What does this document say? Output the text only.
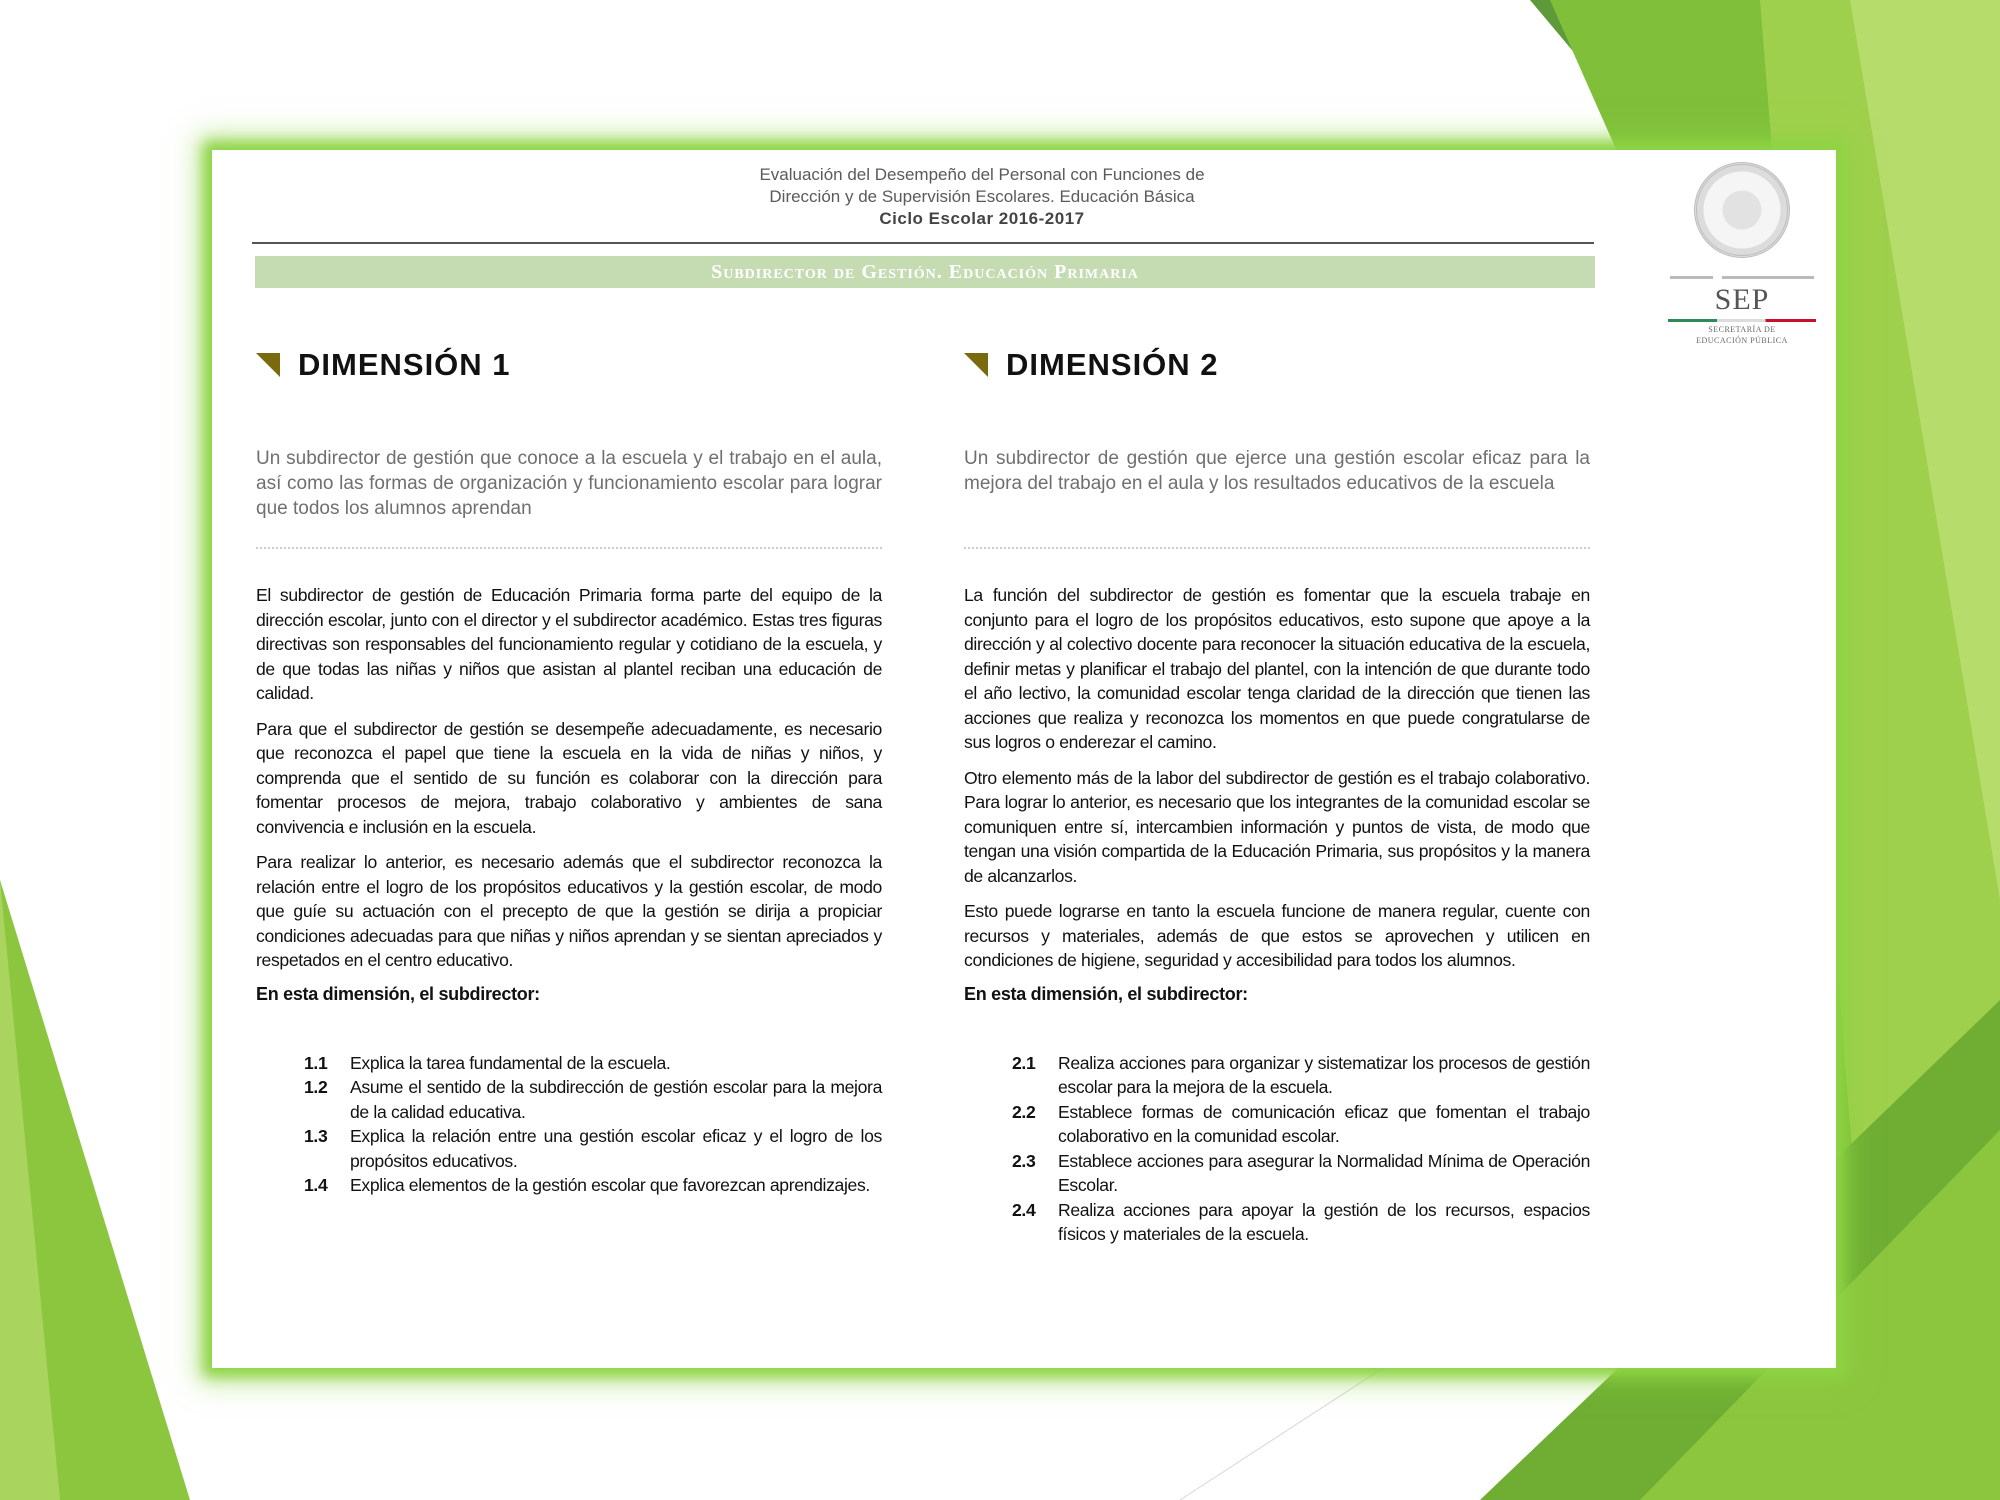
Evaluación del Desempeño del Personal con Funciones de
Dirección y de Supervisión Escolares. Educación Básica
Ciclo Escolar 2016-2017
Subdirector de Gestión. Educación Primaria
SEP
SECRETARÍA DE
EDUCACIÓN PÚBLICA
DIMENSIÓN 1
Un subdirector de gestión que conoce a la escuela y el trabajo en el aula, así como las formas de organización y funcionamiento escolar para lograr que todos los alumnos aprendan

El subdirector de gestión de Educación Primaria forma parte del equipo de la dirección escolar, junto con el director y el subdirector académico. Estas tres figuras directivas son responsables del funcionamiento regular y cotidiano de la escuela, y de que todas las niñas y niños que asistan al plantel reciban una educación de calidad.

Para que el subdirector de gestión se desempeñe adecuadamente, es necesario que reconozca el papel que tiene la escuela en la vida de niñas y niños, y comprenda que el sentido de su función es colaborar con la dirección para fomentar procesos de mejora, trabajo colaborativo y ambientes de sana convivencia e inclusión en la escuela.

Para realizar lo anterior, es necesario además que el subdirector reconozca la relación entre el logro de los propósitos educativos y la gestión escolar, de modo que guíe su actuación con el precepto de que la gestión se dirija a propiciar condiciones adecuadas para que niñas y niños aprendan y se sientan apreciados y respetados en el centro educativo.

En esta dimensión, el subdirector:

1.1	Explica la tarea fundamental de la escuela.
1.2	Asume el sentido de la subdirección de gestión escolar para la mejora de la calidad educativa.
1.3	Explica la relación entre una gestión escolar eficaz y el logro de los propósitos educativos.
1.4	Explica elementos de la gestión escolar que favorezcan aprendizajes.
DIMENSIÓN 2
Un subdirector de gestión que ejerce una gestión escolar eficaz para la mejora del trabajo en el aula y los resultados educativos de la escuela

La función del subdirector de gestión es fomentar que la escuela trabaje en conjunto para el logro de los propósitos educativos, esto supone que apoye a la dirección y al colectivo docente para reconocer la situación educativa de la escuela, definir metas y planificar el trabajo del plantel, con la intención de que durante todo el año lectivo, la comunidad escolar tenga claridad de la dirección que tienen las acciones que realiza y reconozca los momentos en que puede congratularse de sus logros o enderezar el camino.

Otro elemento más de la labor del subdirector de gestión es el trabajo colaborativo. Para lograr lo anterior, es necesario que los integrantes de la comunidad escolar se comuniquen entre sí, intercambien información y puntos de vista, de modo que tengan una visión compartida de la Educación Primaria, sus propósitos y la manera de alcanzarlos.

Esto puede lograrse en tanto la escuela funcione de manera regular, cuente con recursos y materiales, además de que estos se aprovechen y utilicen en condiciones de higiene, seguridad y accesibilidad para todos los alumnos.

En esta dimensión, el subdirector:

2.1	Realiza acciones para organizar y sistematizar los procesos de gestión escolar para la mejora de la escuela.
2.2	Establece formas de comunicación eficaz que fomentan el trabajo colaborativo en la comunidad escolar.
2.3	Establece acciones para asegurar la Normalidad Mínima de Operación Escolar.
2.4	Realiza acciones para apoyar la gestión de los recursos, espacios físicos y materiales de la escuela.
